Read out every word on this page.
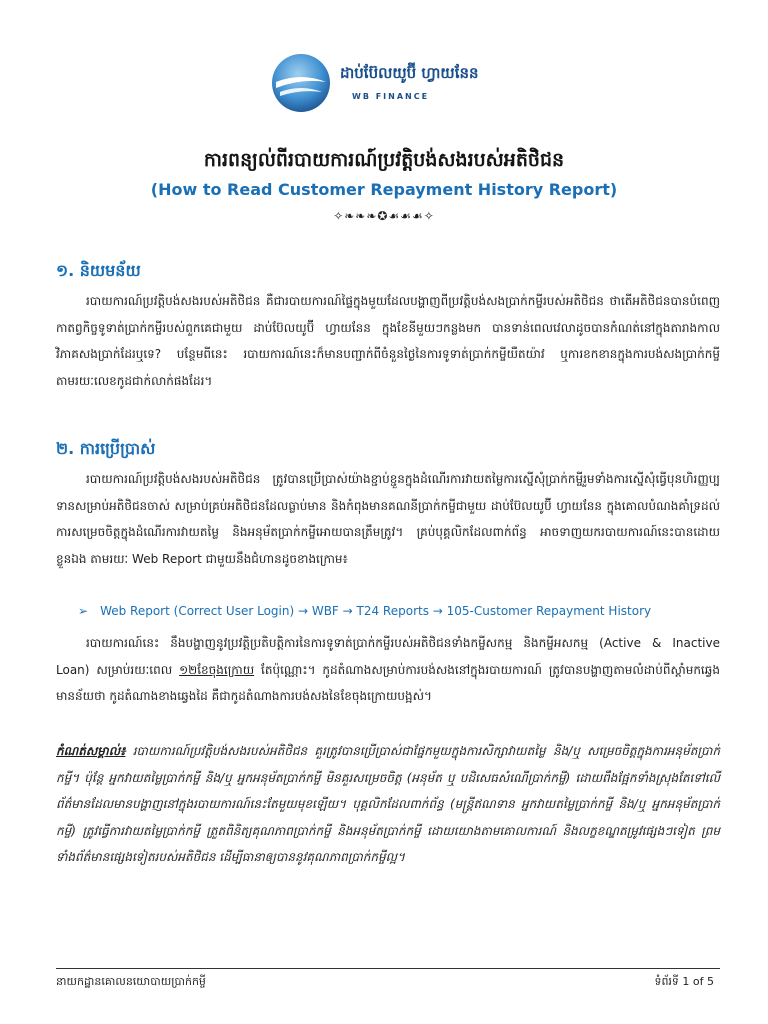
ដាប់ប៊ែលយូប៊ី ហ្វាយនែន
WB FINANCE
ការពន្យល់ពីរបាយការណ៍ប្រវត្តិបង់សងរបស់អតិថិជន
(How to Read Customer Repayment History Report)
✧❧❧❧✪☙☙☙✧
១. និយមន័យ

របាយការណ៍ប្រវត្តិបង់សងរបស់អតិថិជន គឺជារបាយការណ៍ផ្ទៃក្នុងមួយដែលបង្ហាញពីប្រវត្តិបង់សងប្រាក់កម្ចីរបស់អតិថិជន ថាតើអតិថិជនបានបំពេញកាតព្វកិច្ចទូទាត់ប្រាក់កម្ចីរបស់ពួកគេជាមួយ ដាប់ប៊ែលយូប៊ី ហ្វាយនែន ក្នុងខែនីមួយៗកន្លងមក បានទាន់ពេលវេលាដូចបានកំណត់នៅក្នុងតារាងកាលវិភាគសងប្រាក់ដែរឬទេ? បន្ថែមពីនេះ របាយការណ៍នេះក៏មានបញ្ជាក់ពីចំនួនថ្ងៃនៃការទូទាត់ប្រាក់កម្ចីយឺតយ៉ាវ ឬការខកខានក្នុងការបង់សងប្រាក់កម្ចី តាមរយៈលេខកូដជាក់លាក់ផងដែរ។

២. ការប្រើប្រាស់

របាយការណ៍ប្រវត្តិបង់សងរបស់អតិថិជន ត្រូវបានប្រើប្រាស់យ៉ាងខ្ជាប់ខ្ជួនក្នុងដំណើរការវាយតម្លៃការស្នើសុំប្រាក់កម្ចីរួមទាំងការស្នើសុំធ្វើបុនហិរញ្ញប្បទានសម្រាប់អតិថិជនចាស់ សម្រាប់គ្រប់អតិថិជនដែលធ្លាប់មាន និងកំពុងមានគណនីប្រាក់កម្ចីជាមួយ ដាប់ប៊ែលយូប៊ី ហ្វាយនែន ក្នុងគោលបំណងគាំទ្រដល់ការសម្រេចចិត្តក្នុងដំណើរការវាយតម្លៃ និងអនុម័តប្រាក់កម្ចីអោយបានត្រឹមត្រូវ។ គ្រប់បុគ្គលិកដែលពាក់ព័ន្ធ អាចទាញយករបាយការណ៍នេះបានដោយខ្លួនឯង តាមរយៈ Web Report ជាមួយនឹងជំហានដូចខាងក្រោម៖

➢ Web Report (Correct User Login) → WBF → T24 Reports → 105-Customer Repayment History

របាយការណ៍នេះ នឹងបង្ហាញនូវប្រវត្តិប្រតិបត្តិការនៃការទូទាត់ប្រាក់កម្ចីរបស់អតិថិជនទាំងកម្ចីសកម្ម និងកម្ចីអសកម្ម (Active & Inactive Loan) សម្រាប់រយៈពេល ១២ខែចុងក្រោយ តែប៉ុណ្ណោះ។ កូដតំណាងសម្រាប់ការបង់សងនៅក្នុងរបាយការណ៍ ត្រូវបានបង្ហាញតាមលំដាប់ពីស្តាំមកឆ្វេង មានន័យថា កូដតំណាងខាងឆ្វេងដៃ គឺជាកូដតំណាងការបង់សងនៃខែចុងក្រោយបង្អស់។

កំណត់សម្គាល់៖ របាយការណ៍ប្រវត្តិបង់សងរបស់អតិថិជន គួរត្រូវបានប្រើប្រាស់ជាផ្នែកមួយក្នុងការសិក្សាវាយតម្លៃ និង/ឬ សម្រេចចិត្តក្នុងការអនុម័តប្រាក់កម្ចី។ ប៉ុន្តែ អ្នកវាយតម្លៃប្រាក់កម្ចី និង/ឬ អ្នកអនុម័តប្រាក់កម្ចី មិនគួរសម្រេចចិត្ត (អនុម័ត ឬ បដិសេធសំណើប្រាក់កម្ចី) ដោយពឹងផ្អែកទាំងស្រុងតែទៅលើព័ត៌មានដែលមានបង្ហាញនៅក្នុងរបាយការណ៍នេះតែមួយមុខឡើយ។ បុគ្គលិកដែលពាក់ព័ន្ធ (មន្ត្រីឥណទាន អ្នកវាយតម្លៃប្រាក់កម្ចី និង/ឬ អ្នកអនុម័តប្រាក់កម្ចី) ត្រូវធ្វើការវាយតម្លៃប្រាក់កម្ចី ត្រួតពិនិត្យគុណភាពប្រាក់កម្ចី និងអនុម័តប្រាក់កម្ចី ដោយយោងតាមគោលការណ៍ និងលក្ខខណ្ឌតម្រូវផ្សេងៗទៀត ព្រមទាំងព័ត៌មានផ្សេងទៀតរបស់អតិថិជន ដើម្បីធានាឲ្យបាននូវគុណភាពប្រាក់កម្ចីល្អ។

នាយកដ្ឋានគោលនយោបាយប្រាក់កម្ចី	ទំព័រទី 1 of 5
